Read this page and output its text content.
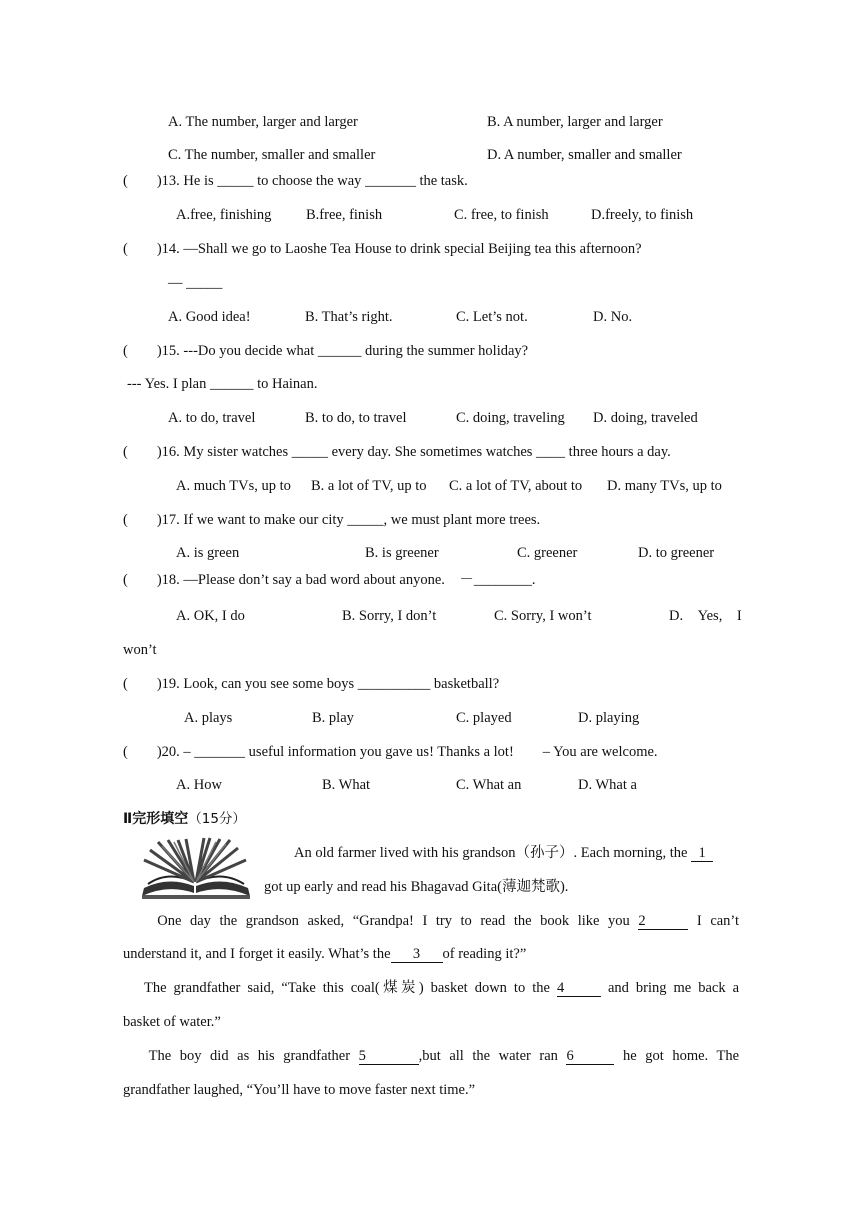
A. The number, larger and larger	B. A number, larger and larger
C. The number, smaller and smaller	D. A number, smaller and smaller
(　　)13. He is _____ to choose the way _______ the task.
A.free, finishing B.free, finish	C. free, to finish	D.freely, to finish
(　　)14. —Shall we go to Laoshe Tea House to drink special Beijing tea this afternoon?
— _____
A. Good idea!	B. That’s right.	C. Let’s not.	D. No.
(　　)15. ---Do you decide what ______ during the summer holiday?
--- Yes. I plan ______ to Hainan.
A. to do, travel	B. to do, to travel	C. doing, traveling D. doing, traveled
(　　)16. My sister watches _____ every day. She sometimes watches ____ three hours a day.
A. much TVs, up to B. a lot of TV, up to C. a lot of TV, about to D. many TVs, up to
(　　)17. If we want to make our city _____, we must plant more trees.
A. is green	B. is greener	C. greener	D. to greener
(　　)18. —Please don’t say a bad word about anyone.　－________.
A. OK, I do	B. Sorry, I don’t	C. Sorry, I won’t	D.　Yes,　I
won’t
(　　)19. Look, can you see some boys __________ basketball?
A. plays	B. play	C. played	D. playing
(　　)20. – _______ useful information you gave us! Thanks a lot!　　– You are welcome.
A. How	B. What	C. What an	D. What a
Ⅱ完形填空（15分）
An old farmer lived with his grandson（孙子）. Each morning, the 1
got up early and read his Bhagavad Gita(薄迦梵歌).
One day the grandson asked, “Grandpa! I try to read the book like you 2	I can’t
understand it, and I forget it easily. What’s the 3 of reading it?”
The grandfather said, “Take this coal(煤炭) basket down to the 4	and bring me back a
basket of water.”
The boy did as his grandfather 5	,but all the water ran 6	he got home. The
grandfather laughed, “You’ll have to move faster next time.”
